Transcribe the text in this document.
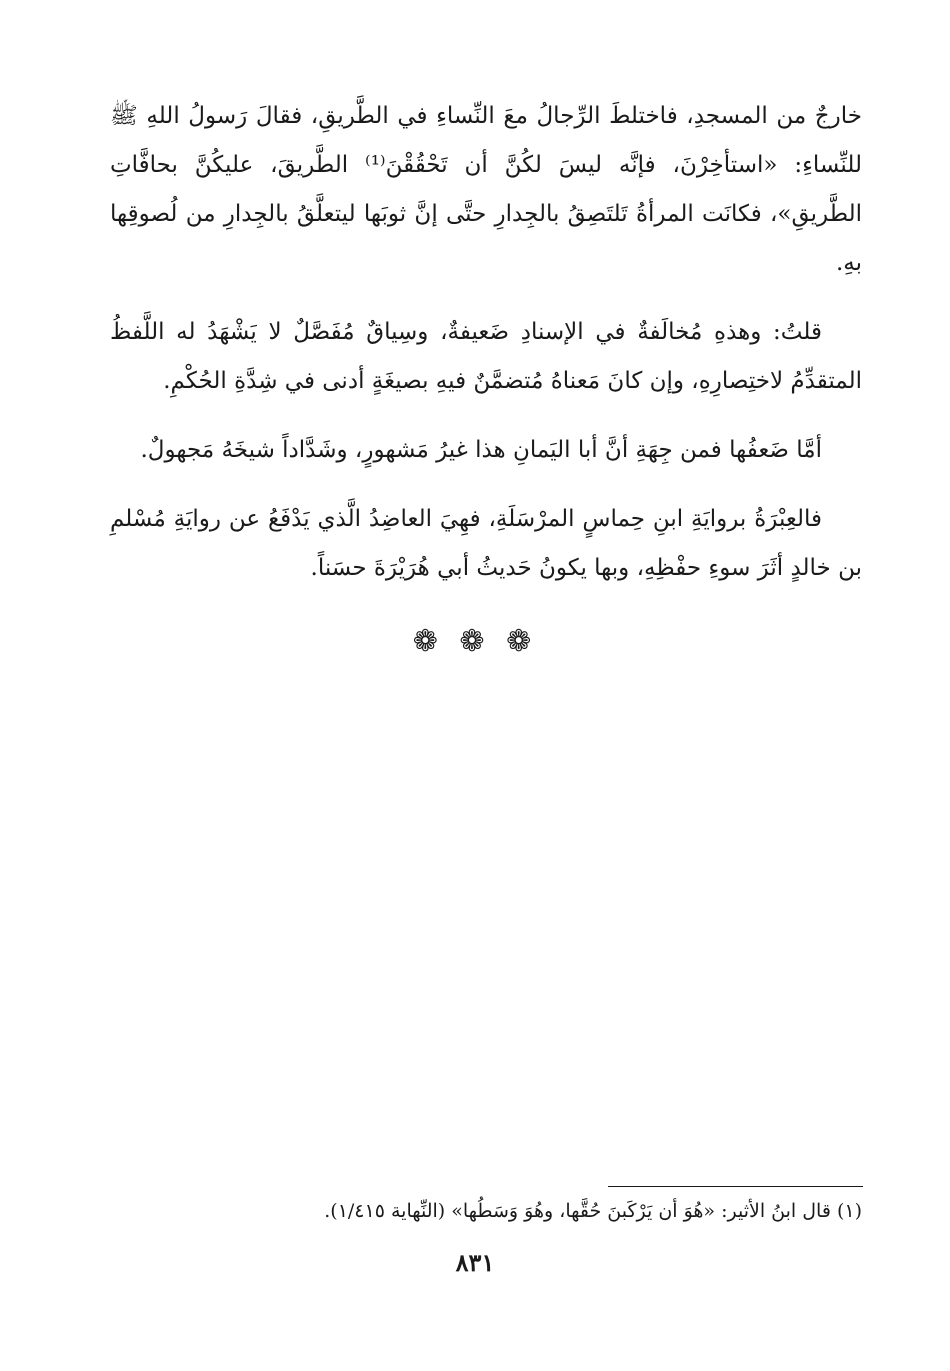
خارجٌ من المسجدِ، فاختلطَ الرِّجالُ معَ النِّساءِ في الطَّريقِ، فقالَ رَسولُ اللهِ ﷺ للنِّساءِ: «استأخِرْنَ، فإنَّه ليسَ لكُنَّ أن تَحْقُقْنَ⁽¹⁾ الطَّريقَ، عليكُنَّ بحافَّاتِ الطَّريقِ»، فكانَت المرأةُ تَلتَصِقُ بالجِدارِ حتَّى إنَّ ثوبَها ليتعلَّقُ بالجِدارِ من لُصوقِها بهِ.

قلتُ: وهذهِ مُخالَفةٌ في الإسنادِ ضَعيفةٌ، وسِياقٌ مُفَصَّلٌ لا يَشْهَدُ له اللَّفظُ المتقدِّمُ لاختِصارِهِ، وإن كانَ مَعناهُ مُتضمَّنٌ فيهِ بصيغَةٍ أدنى في شِدَّةِ الحُكْمِ.

أمَّا ضَعفُها فمن جِهَةِ أنَّ أبا اليَمانِ هذا غيرُ مَشهورٍ، وشَدَّاداً شيخَهُ مَجهولٌ.

فالعِبْرَةُ بروايَةِ ابنِ حِماسٍ المرْسَلَةِ، فهِيَ العاضِدُ الَّذي يَدْفَعُ عن روايَةِ مُسْلمِ بن خالدٍ أثَرَ سوءِ حفْظِهِ، وبها يكونُ حَديثُ أبي هُرَيْرَةَ حسَناً.

❁ ❁ ❁
(١) قال ابنُ الأثير: «هُوَ أن يَرْكَبنَ حُقَّها، وهُوَ وَسَطُها» (النِّهاية ١/٤١٥).
٨٣١
